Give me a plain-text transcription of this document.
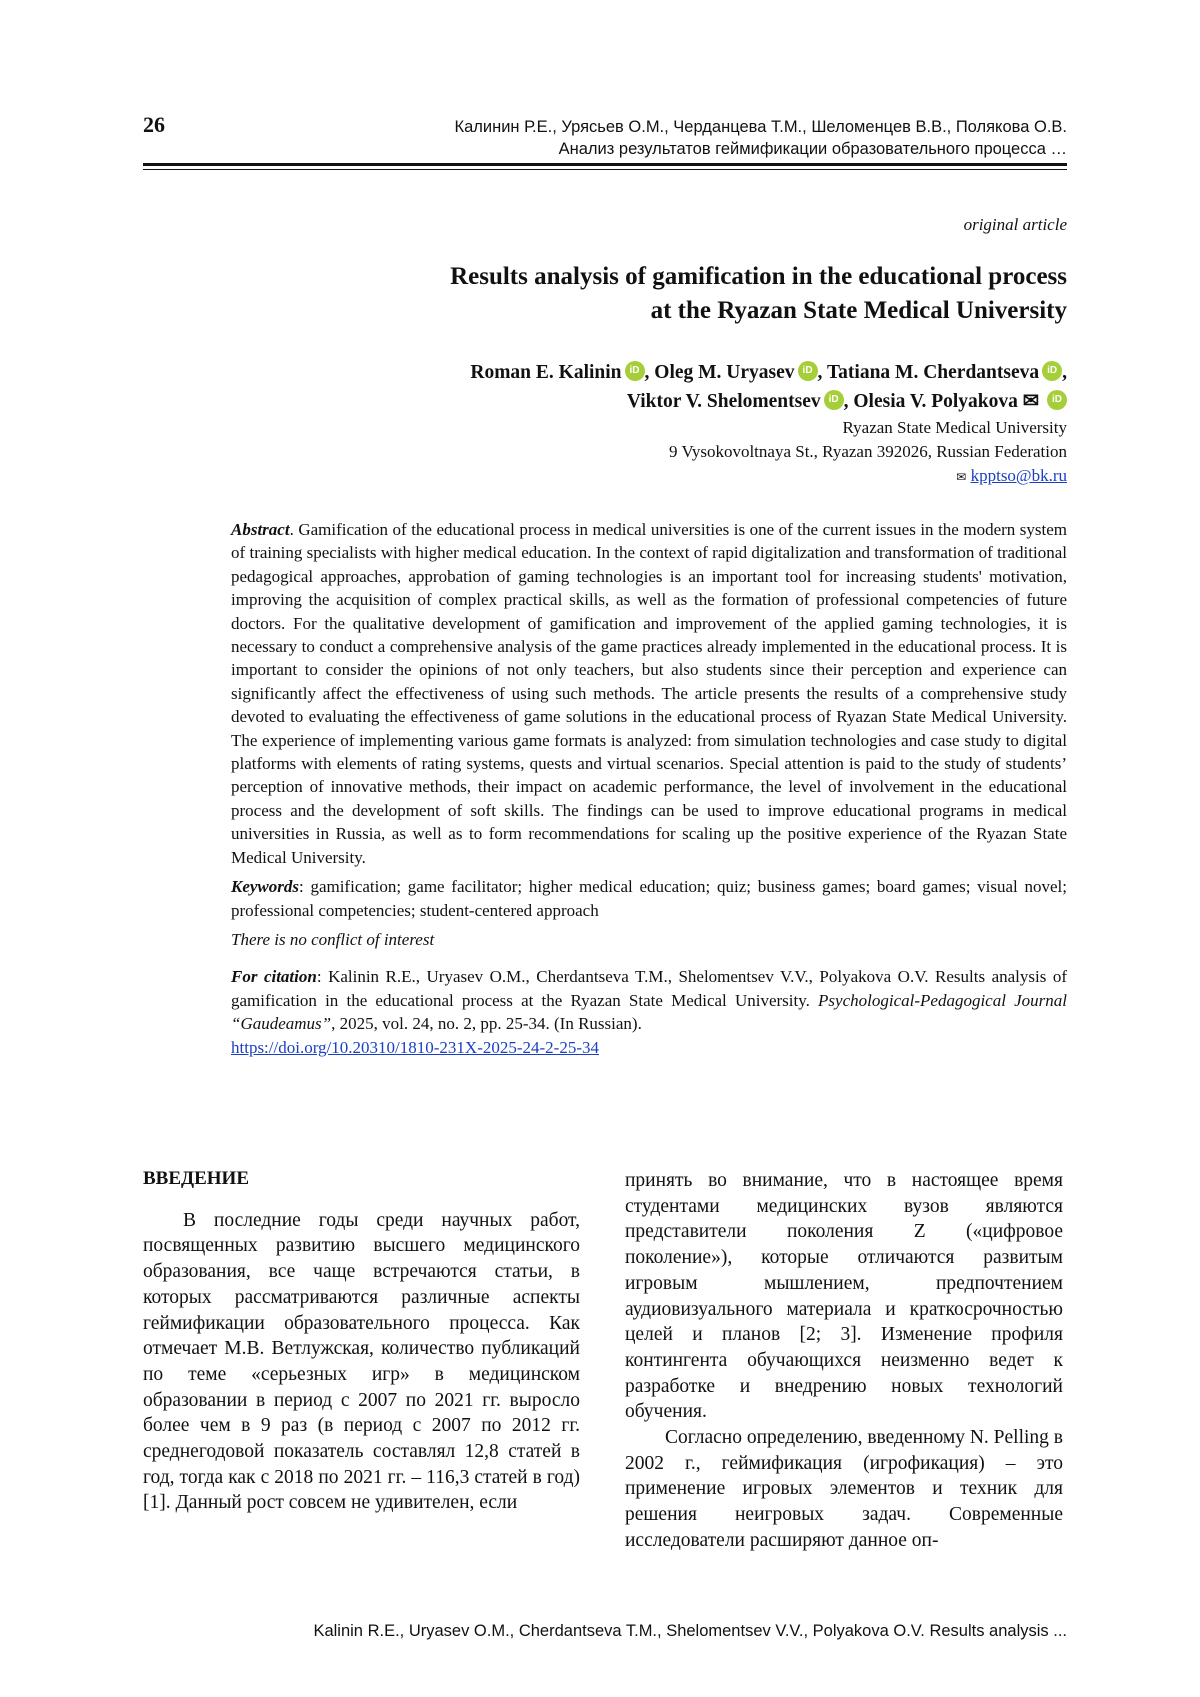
26	Калинин Р.Е., Урясьев О.М., Черданцева Т.М., Шеломенцев В.В., Полякова О.В.
Анализ результатов геймификации образовательного процесса …
original article
Results analysis of gamification in the educational process
at the Ryazan State Medical University
Roman E. Kalinin iD , Oleg M. Uryasev iD , Tatiana M. Cherdantseva iD ,
Viktor V. Shelomentsev iD , Olesia V. Polyakova ✉ iD
Ryazan State Medical University
9 Vysokovoltnaya St., Ryazan 392026, Russian Federation
✉ kpptso@bk.ru

Abstract. Gamification of the educational process in medical universities is one of the current issues in the modern system of training specialists with higher medical education. In the context of rapid digitalization and transformation of traditional pedagogical approaches, approbation of gaming technologies is an important tool for increasing students' motivation, improving the acquisition of complex practical skills, as well as the formation of professional competencies of future doctors. For the qualitative development of gamification and improvement of the applied gaming technologies, it is necessary to conduct a comprehensive analysis of the game practices already implemented in the educational process. It is important to consider the opinions of not only teachers, but also students since their perception and experience can significantly affect the effectiveness of using such methods. The article presents the results of a comprehensive study devoted to evaluating the effectiveness of game solutions in the educational process of Ryazan State Medical University. The experience of implementing various game formats is analyzed: from simulation technologies and case study to digital platforms with elements of rating systems, quests and virtual scenarios. Special attention is paid to the study of students’ perception of innovative methods, their impact on academic performance, the level of involvement in the educational process and the development of soft skills. The findings can be used to improve educational programs in medical universities in Russia, as well as to form recommendations for scaling up the positive experience of the Ryazan State Medical University.

Keywords: gamification; game facilitator; higher medical education; quiz; business games; board games; visual novel; professional competencies; student-centered approach

There is no conflict of interest

For citation: Kalinin R.E., Uryasev O.M., Cherdantseva T.M., Shelomentsev V.V., Polyakova O.V. Results analysis of gamification in the educational process at the Ryazan State Medical University. Psychological-Pedagogical Journal “Gaudeamus”, 2025, vol. 24, no. 2, pp. 25-34. (In Russian).
https://doi.org/10.20310/1810-231X-2025-24-2-25-34

ВВЕДЕНИЕ

В последние годы среди научных работ, посвященных развитию высшего медицинского образования, все чаще встречаются статьи, в которых рассматриваются различные аспекты геймификации образовательного процесса. Как отмечает М.В. Ветлужская, количество публикаций по теме «серьезных игр» в медицинском образовании в период с 2007 по 2021 гг. выросло более чем в 9 раз (в период с 2007 по 2012 гг. среднегодовой показатель составлял 12,8 статей в год, тогда как с 2018 по 2021 гг. – 116,3 статей в год) [1]. Данный рост совсем не удивителен, если

принять во внимание, что в настоящее время студентами медицинских вузов являются представители поколения Z («цифровое поколение»), которые отличаются развитым игровым мышлением, предпочтением аудиовизуального материала и краткосрочностью целей и планов [2; 3]. Изменение профиля контингента обучающихся неизменно ведет к разработке и внедрению новых технологий обучения.

Согласно определению, введенному N. Pelling в 2002 г., геймификация (игрофикация) – это применение игровых элементов и техник для решения неигровых задач. Современные исследователи расширяют данное оп-

Kalinin R.E., Uryasev O.M., Cherdantseva T.M., Shelomentsev V.V., Polyakova O.V. Results analysis ...
